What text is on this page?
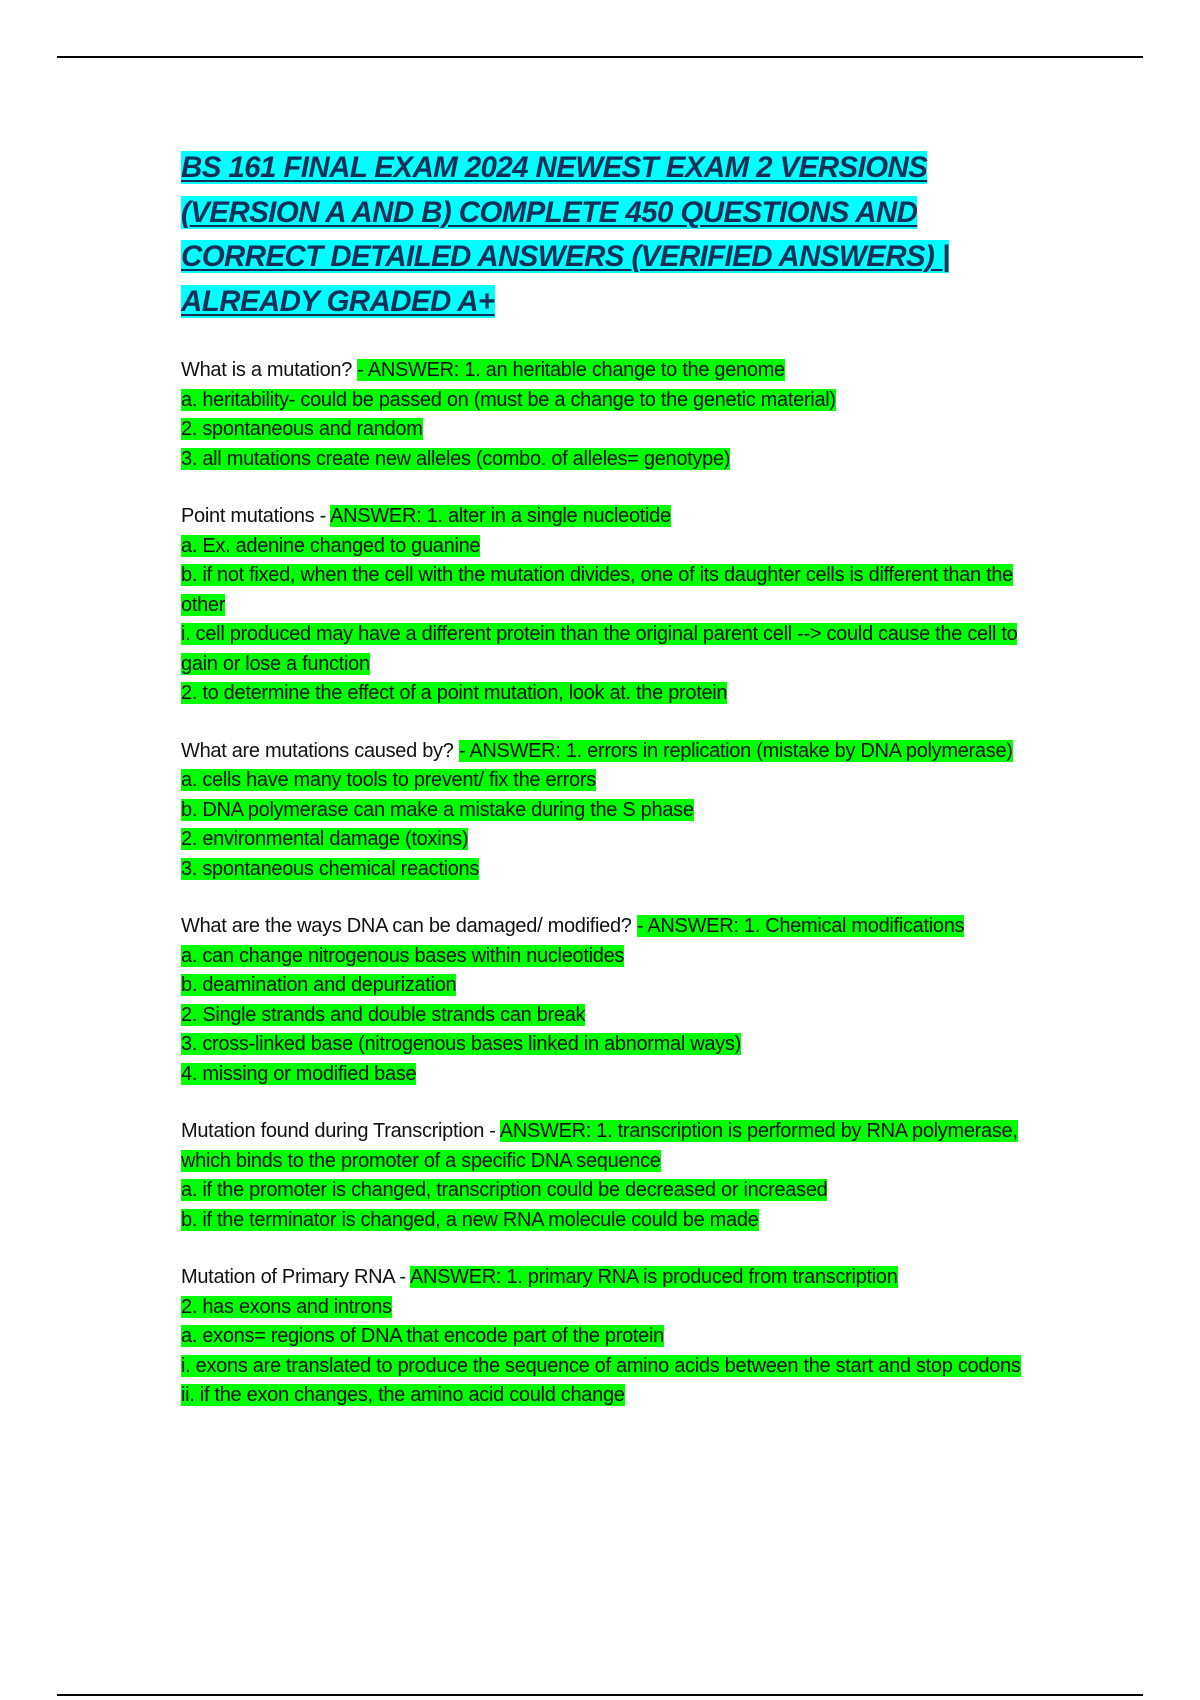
BS 161 FINAL EXAM 2024 NEWEST EXAM 2 VERSIONS (VERSION A AND B) COMPLETE 450 QUESTIONS AND CORRECT DETAILED ANSWERS (VERIFIED ANSWERS) | ALREADY GRADED A+

What is a mutation? - ANSWER: 1. an heritable change to the genome
a. heritability- could be passed on (must be a change to the genetic material)
2. spontaneous and random
3. all mutations create new alleles (combo. of alleles= genotype)

Point mutations - ANSWER: 1. alter in a single nucleotide
a. Ex. adenine changed to guanine
b. if not fixed, when the cell with the mutation divides, one of its daughter cells is different than the other
i. cell produced may have a different protein than the original parent cell --> could cause the cell to gain or lose a function
2. to determine the effect of a point mutation, look at. the protein

What are mutations caused by? - ANSWER: 1. errors in replication (mistake by DNA polymerase)
a. cells have many tools to prevent/ fix the errors
b. DNA polymerase can make a mistake during the S phase
2. environmental damage (toxins)
3. spontaneous chemical reactions

What are the ways DNA can be damaged/ modified? - ANSWER: 1. Chemical modifications
a. can change nitrogenous bases within nucleotides
b. deamination and depurization
2. Single strands and double strands can break
3. cross-linked base (nitrogenous bases linked in abnormal ways)
4. missing or modified base

Mutation found during Transcription - ANSWER: 1. transcription is performed by RNA polymerase, which binds to the promoter of a specific DNA sequence
a. if the promoter is changed, transcription could be decreased or increased
b. if the terminator is changed, a new RNA molecule could be made

Mutation of Primary RNA - ANSWER: 1. primary RNA is produced from transcription
2. has exons and introns
a. exons= regions of DNA that encode part of the protein
i. exons are translated to produce the sequence of amino acids between the start and stop codons
ii. if the exon changes, the amino acid could change
